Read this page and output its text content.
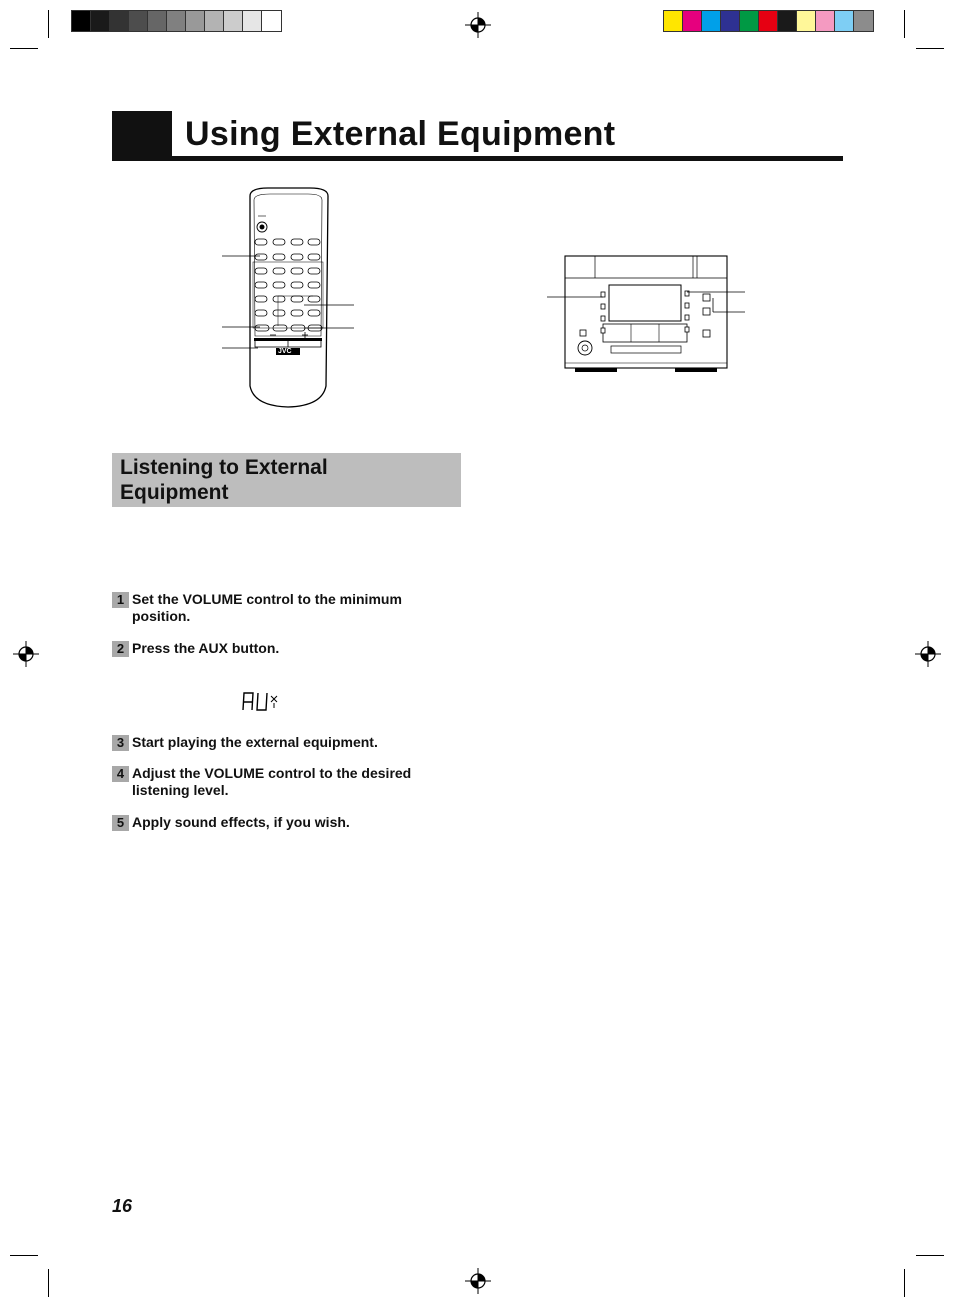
Using External Equipment
JVC
Listening to External Equipment
1 Set the VOLUME control to the minimum position.
2 Press the AUX button.
3 Start playing the external equipment.
4 Adjust the VOLUME control to the desired listening level.
5 Apply sound effects, if you wish.
16
